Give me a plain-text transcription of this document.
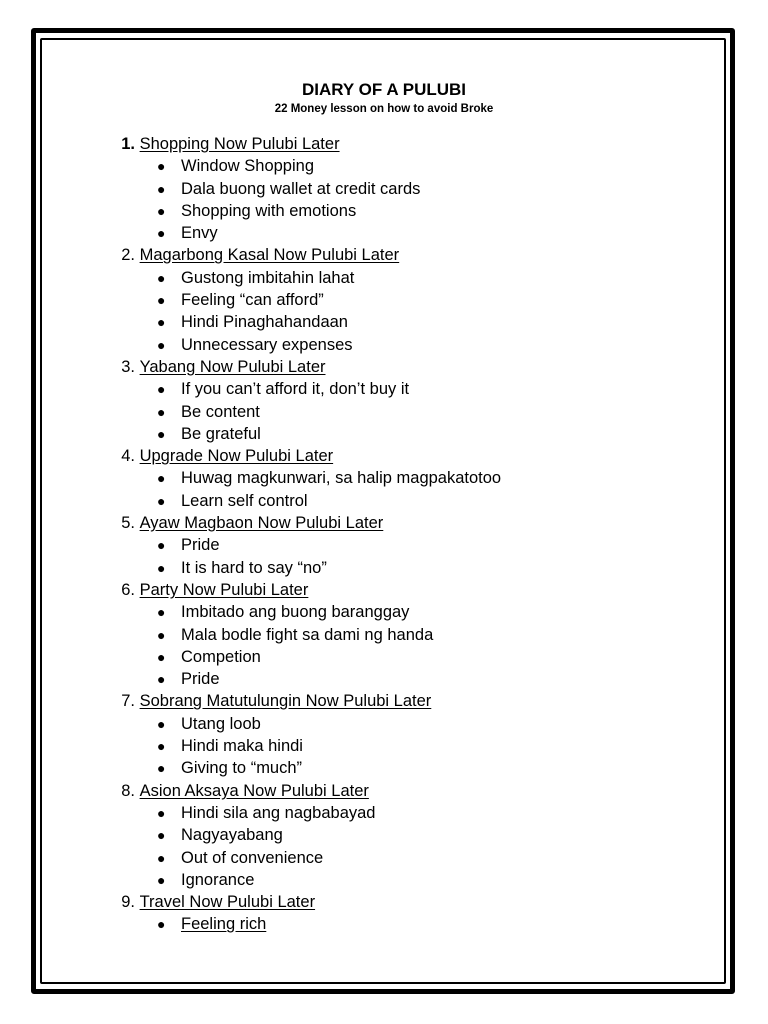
DIARY OF A PULUBI
22 Money lesson on how to avoid Broke
1. Shopping Now Pulubi Later
● Window Shopping
● Dala buong wallet at credit cards
● Shopping with emotions
● Envy
2. Magarbong Kasal Now Pulubi Later
● Gustong imbitahin lahat
● Feeling “can afford”
● Hindi Pinaghahandaan
● Unnecessary expenses
3. Yabang Now Pulubi Later
● If you can’t afford it, don’t buy it
● Be content
● Be grateful
4. Upgrade Now Pulubi Later
● Huwag magkunwari, sa halip magpakatotoo
● Learn self control
5. Ayaw Magbaon Now Pulubi Later
● Pride
● It is hard to say “no”
6. Party Now Pulubi Later
● Imbitado ang buong baranggay
● Mala bodle fight sa dami ng handa
● Competion
● Pride
7. Sobrang Matutulungin Now Pulubi Later
● Utang loob
● Hindi maka hindi
● Giving to “much”
8. Asion Aksaya Now Pulubi Later
● Hindi sila ang nagbabayad
● Nagyayabang
● Out of convenience
● Ignorance
9. Travel Now Pulubi Later
● Feeling rich
